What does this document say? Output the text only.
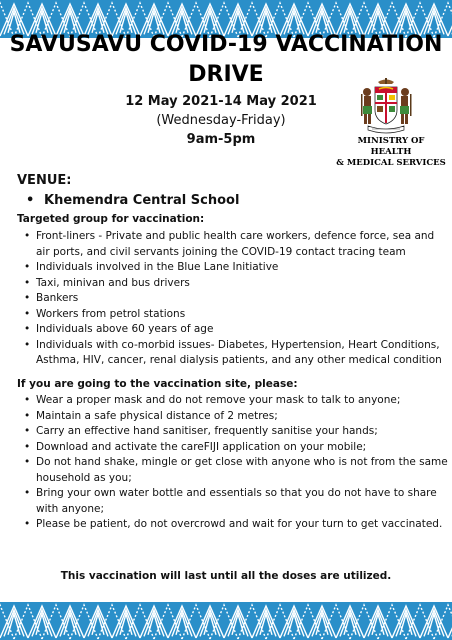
SAVUSAVU COVID-19 VACCINATION DRIVE
12 May 2021-14 May 2021
(Wednesday-Friday)
9am-5pm	MINISTRY OF HEALTH
& MEDICAL SERVICES
VENUE:
• Khemendra Central School
Targeted group for vaccination:
• Front-liners - Private and public health care workers, defence force, sea and air ports, and civil servants joining the COVID-19 contact tracing team
• Individuals involved in the Blue Lane Initiative
• Taxi, minivan and bus drivers
• Bankers
• Workers from petrol stations
• Individuals above 60 years of age
• Individuals with co-morbid issues- Diabetes, Hypertension, Heart Conditions, Asthma, HIV, cancer, renal dialysis patients, and any other medical condition
If you are going to the vaccination site, please:
• Wear a proper mask and do not remove your mask to talk to anyone;
• Maintain a safe physical distance of 2 metres;
• Carry an effective hand sanitiser, frequently sanitise your hands;
• Download and activate the careFIJI application on your mobile;
• Do not hand shake, mingle or get close with anyone who is not from the same household as you;
• Bring your own water bottle and essentials so that you do not have to share with anyone;
• Please be patient, do not overcrowd and wait for your turn to get vaccinated.
This vaccination will last until all the doses are utilized.
